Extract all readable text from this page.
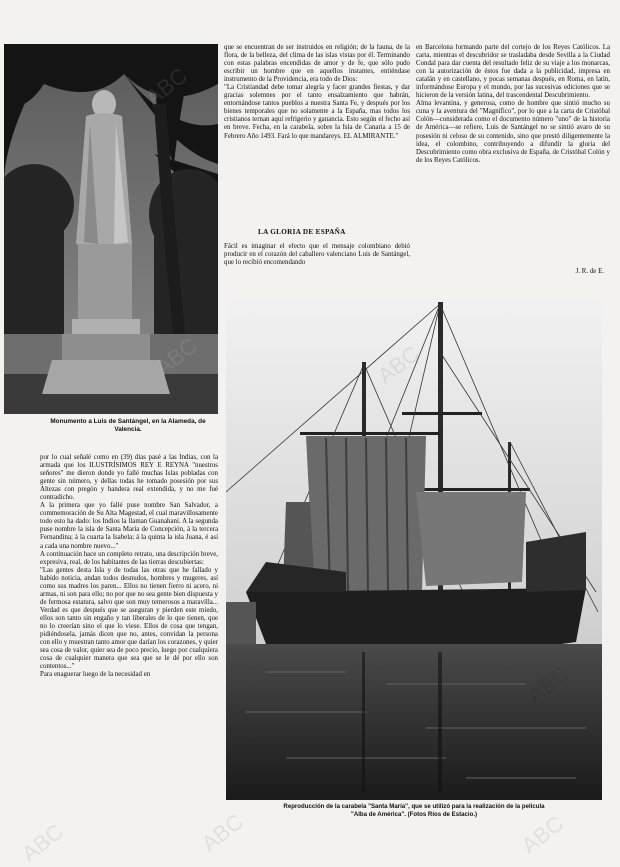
Monumento a Luis de Santángel, en la Alameda, de Valencia.
que se encuentran de ser instruidos en religión; de la fauna, de la flora, de la belleza, del clima de las islas vistas por él. Terminando con estas palabras encendidas de amor y de fe, que sólo pudo escribir un hombre que en aquellos instantes, entiéndase instrumento de la Providencia, era todo de Dios:
"La Cristiandad debe tomar alegría y facer grandes fiestas, y dar gracias solemnes por el tanto ensalzamiento que habrán, entornándose tantos pueblos a nuestra Santa Fe, y después por los bienes temporales que no solamente a la España, mas todos los cristianos ternan aquí refrigerio y ganancia. Esto según el fecho así en breve. Fecha, en la carabela, sobre la Isla de Canaria a 15 de Febrero Año 1493. Fará lo que mandareys. EL ALMIRANTE."
LA GLORIA DE ESPAÑA
Fácil es imaginar el efecto que el mensaje colombiano debió producir en el corazón del caballero valenciano Luis de Santángel, que lo recibió encomendando
en Barcelona formando parte del cortejo de los Reyes Católicos. La carta, mientras el descubridor se trasladaba desde Sevilla a la Ciudad Condal para dar cuenta del resultado feliz de su viaje a los monarcas, con la autorización de éstos fue dada a la publicidad, impresa en catalán y en castellano, y pocas semanas después, en Roma, en latín, informándose Europa y el mundo, por las sucesivas ediciones que se hicieron de la versión latina, del trascendental Descubrimiento.
Alma levantina, y generosa, como de hombre que sintió mucho su cuna y la aventura del "Magnífico", por lo que a la carta de Cristóbal Colón—considerada como el documento número "uno" de la historia de América—se refiere, Luis de Santángel no se sintió avaro de su posesión ni celoso de su contenido, sino que prestó diligentemente la idea, el colombino, contribuyendo a difundir la gloria del Descubrimiento como obra exclusiva de España, de Cristóbal Colón y de los Reyes Católicos.
J. R. de E.
por lo cual señalé como en (39) días pasé a las Indias, con la armada que los ILUSTRÍSIMOS REY E REYNA "nuestros señores" me dieron donde yo fallé muchas Islas pobladas con gente sin número, y dellas todas he tomado posesión por sus Altezas con pregón y bandera real extendida, y no me fué contradicho.
A la primera que yo fallé puse nombre San Salvador, a commemoración de Su Alta Magestad, el cual maravillosamente todo esto ha dado: los Indios la llaman Guanahaní. A la segunda puse nombre la isla de Santa María de Concepción, á la tercera Fernandina; á la cuarta la Isabela; á la quinta la isla Juana, é así a cada una nombre nuevo..."
A continuación hace un completo retrato, una descripción breve, expresiva, real, de los habitantes de las tierras descubiertas:
"Las gentes desta Isla y de todas las otras que he fallado y habido noticia, andan todos desnudos, hombres y mugeres, así como sus madres los paren... Ellos no tienen fierro ni acero, ni armas, ni son para ello; no por que no sea gente bien dispuesta y de fermosa estatura, salvo que son muy temerosos a maravilla... Verdad es que después que se aseguran y pierden este miedo, ellos son tanto sin engaño y tan liberales de lo que tienen, que no lo creerían sino el que lo viese. Ellos de cosa que tengan, pidiéndosela, jamás dicen que no, antes, convidan la persona con ello y muestran tanto amor que darían los corazones, y quier sea cosa de valor, quier sea de poco precio, luego por cualquiera cosa de cualquier manera que sea que se le dé por ello son contentos..."
Para enaguerar luego de la necesidad en
Reproducción de la carabela "Santa María", que se utilizó para la realización de la película
"Alba de América". (Fotos Ríos de Estacio.)
ABC	ABC	ABC
